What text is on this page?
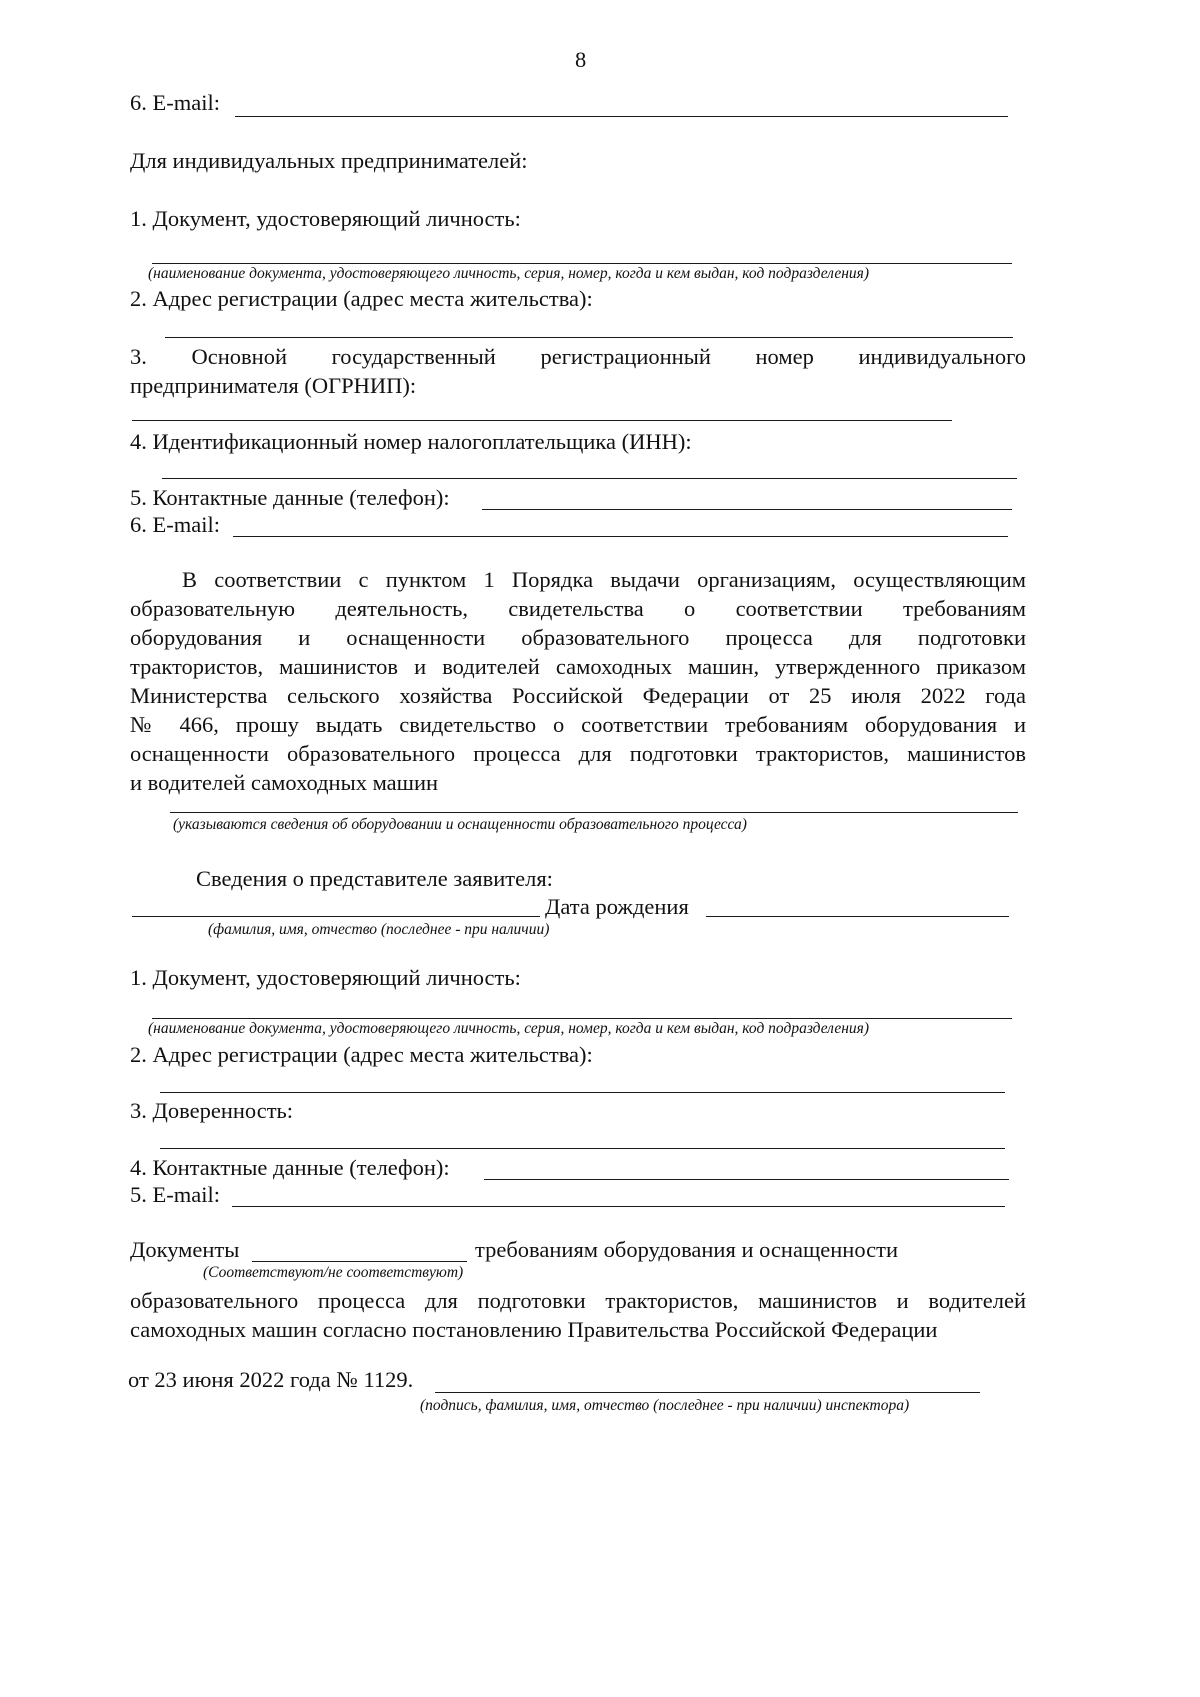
8
6. E-mail:
Для индивидуальных предпринимателей:
1. Документ, удостоверяющий личность:
(наименование документа, удостоверяющего личность, серия, номер, когда и кем выдан, код подразделения)
2. Адрес регистрации (адрес места жительства):
3. Основной государственный регистрационный номер индивидуального
предпринимателя (ОГРНИП):
4. Идентификационный номер налогоплательщика (ИНН):
5. Контактные данные (телефон):
6. E-mail:
В соответствии с пунктом 1 Порядка выдачи организациям, осуществляющим
образовательную деятельность, свидетельства о соответствии требованиям
оборудования и оснащенности образовательного процесса для подготовки
трактористов, машинистов и водителей самоходных машин, утвержденного приказом
Министерства сельского хозяйства Российской Федерации от 25 июля 2022 года
№ 466, прошу выдать свидетельство о соответствии требованиям оборудования и
оснащенности образовательного процесса для подготовки трактористов, машинистов
и водителей самоходных машин
(указываются сведения об оборудовании и оснащенности образовательного процесса)
Сведения о представителе заявителя:
Дата рождения
(фамилия, имя, отчество (последнее - при наличии)
1. Документ, удостоверяющий личность:
(наименование документа, удостоверяющего личность, серия, номер, когда и кем выдан, код подразделения)
2. Адрес регистрации (адрес места жительства):
3. Доверенность:
4. Контактные данные (телефон):
5. E-mail:
Документы	требованиям оборудования и оснащенности
(Соответствуют/не соответствуют)
образовательного процесса для подготовки трактористов, машинистов и водителей
самоходных машин согласно постановлению Правительства Российской Федерации
от 23 июня 2022 года № 1129.
(подпись, фамилия, имя, отчество (последнее - при наличии) инспектора)
